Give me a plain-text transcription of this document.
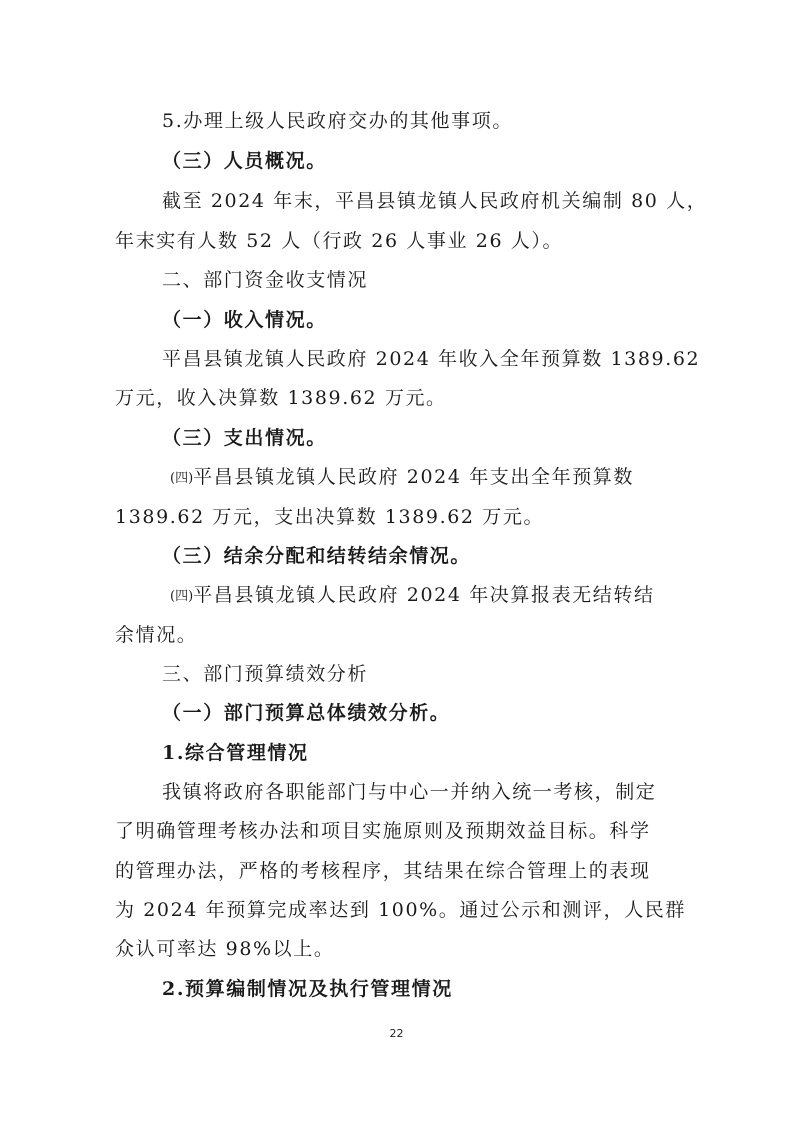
5.办理上级人民政府交办的其他事项。
（三）人员概况。
截至 2024 年末，平昌县镇龙镇人民政府机关编制 80 人，
年末实有人数 52 人（行政 26 人事业 26 人）。
二、部门资金收支情况
（一）收入情况。
平昌县镇龙镇人民政府 2024 年收入全年预算数 1389.62
万元，收入决算数 1389.62 万元。
（三）支出情况。
(四)平昌县镇龙镇人民政府 2024 年支出全年预算数
1389.62 万元，支出决算数 1389.62 万元。
（三）结余分配和结转结余情况。
(四)平昌县镇龙镇人民政府 2024 年决算报表无结转结
余情况。
三、部门预算绩效分析
（一）部门预算总体绩效分析。
1.综合管理情况
我镇将政府各职能部门与中心一并纳入统一考核，制定
了明确管理考核办法和项目实施原则及预期效益目标。科学
的管理办法，严格的考核程序，其结果在综合管理上的表现
为 2024 年预算完成率达到 100%。通过公示和测评，人民群
众认可率达 98%以上。
2.预算编制情况及执行管理情况
22
